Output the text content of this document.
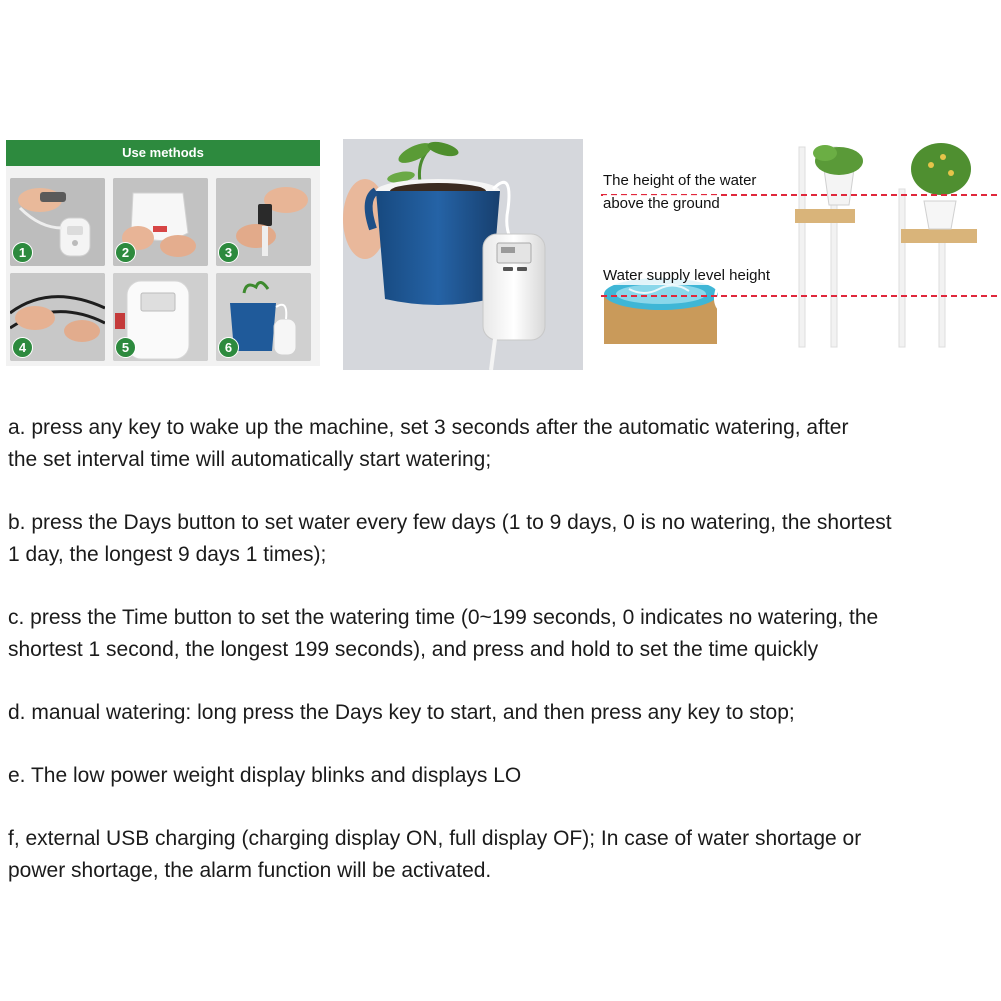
Use methods
1	2	3
4	5	6
The height of the water
above the ground
Water supply level height

a. press any key to wake up the machine, set 3 seconds after the automatic watering, after
the set interval time will automatically start watering;

b. press the Days button to set water every few days (1 to 9 days, 0 is no watering, the shortest
1 day, the longest 9 days 1 times);

c. press the Time button to set the watering time (0~199 seconds, 0 indicates no watering, the
shortest 1 second, the longest 199 seconds), and press and hold to set the time quickly

d. manual watering: long press the Days key to start, and then press any key to stop;

e. The low power weight display blinks and displays LO

f, external USB charging (charging display ON, full display OF); In case of water shortage or
power shortage, the alarm function will be activated.
